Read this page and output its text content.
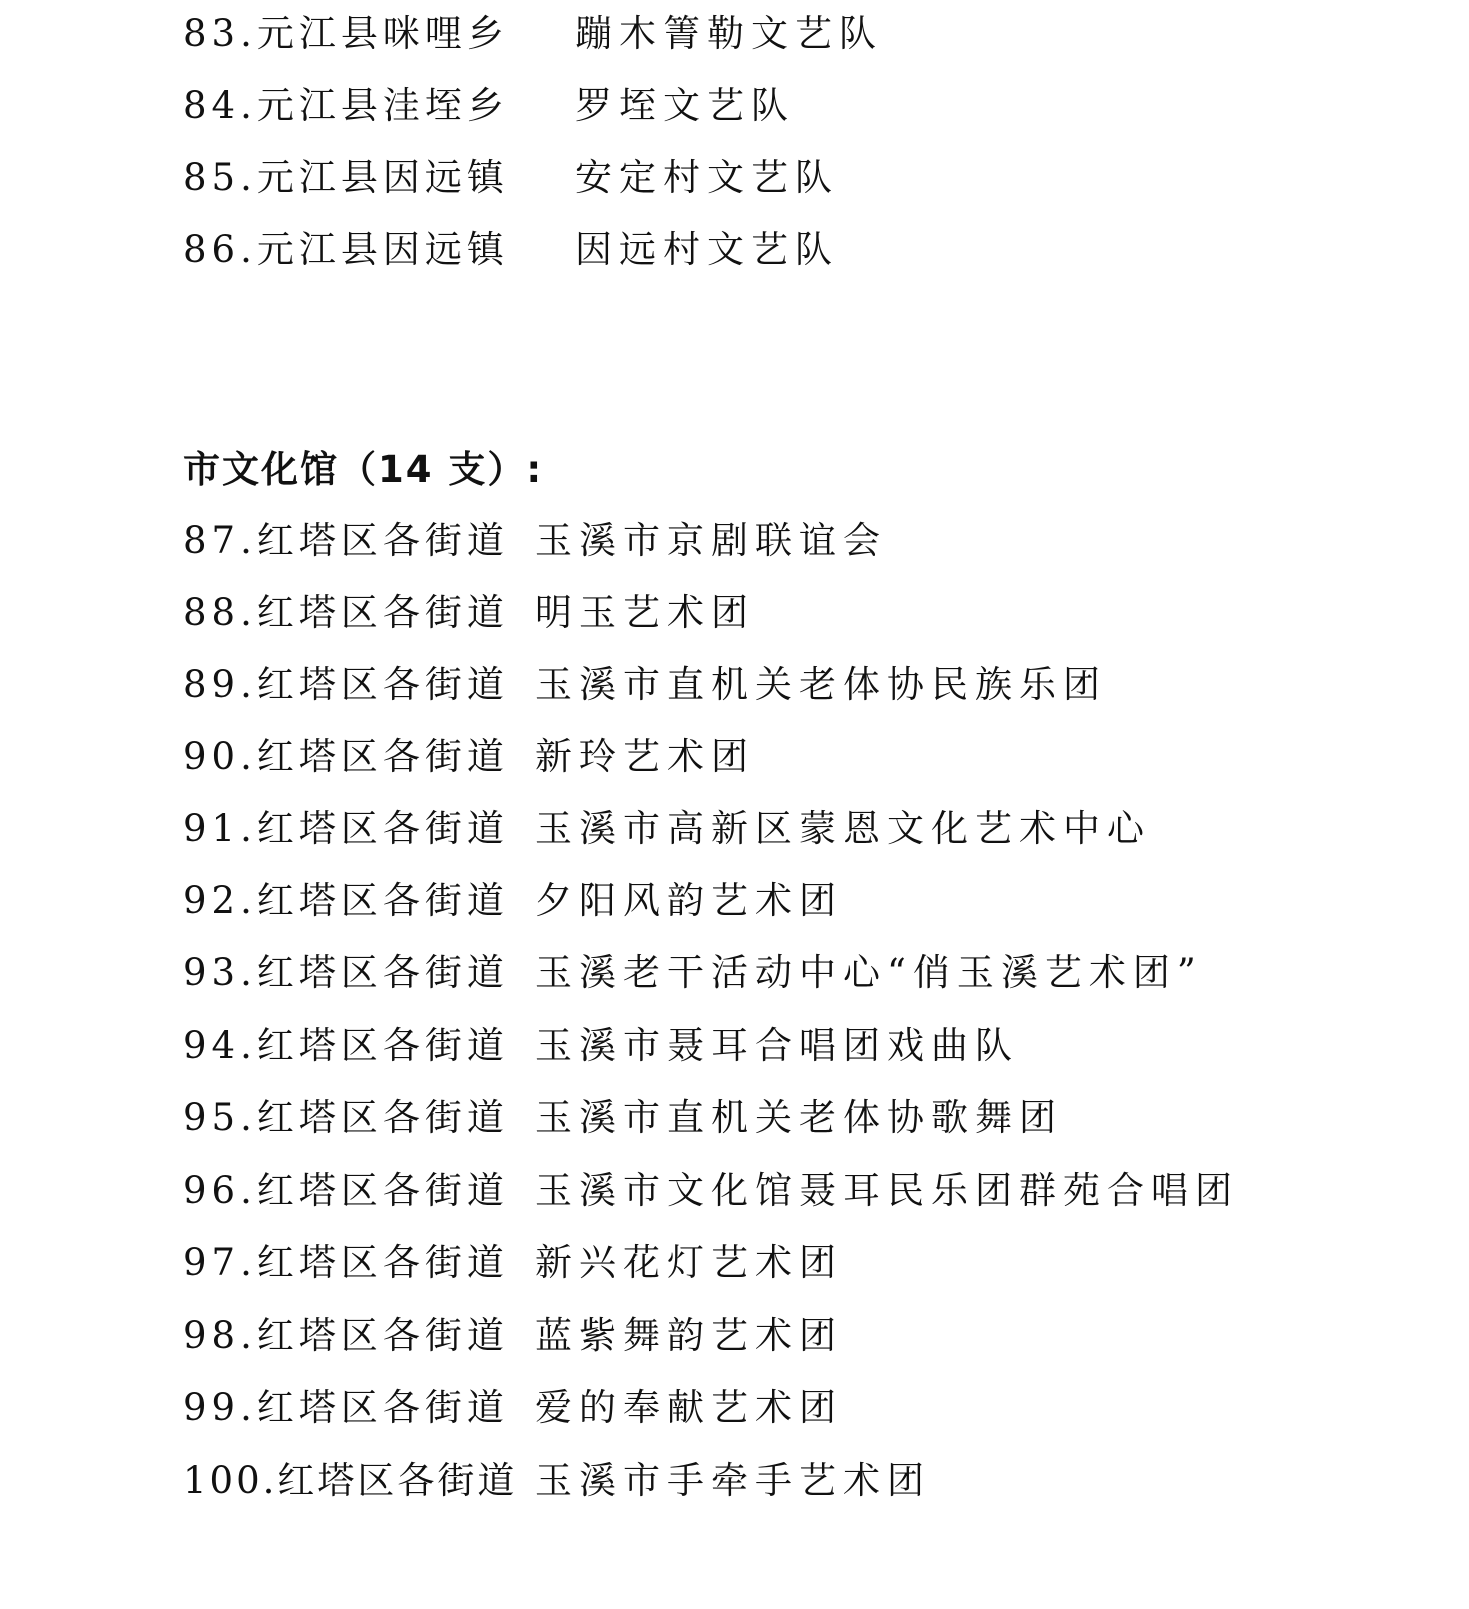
83.元江县咪哩乡 蹦木箐勒文艺队
84.元江县洼垤乡 罗垤文艺队
85.元江县因远镇 安定村文艺队
86.元江县因远镇 因远村文艺队
市文化馆（14 支）:
87.红塔区各街道 玉溪市京剧联谊会
88.红塔区各街道 明玉艺术团
89.红塔区各街道 玉溪市直机关老体协民族乐团
90.红塔区各街道 新玲艺术团
91.红塔区各街道 玉溪市高新区蒙恩文化艺术中心
92.红塔区各街道 夕阳风韵艺术团
93.红塔区各街道 玉溪老干活动中心“俏玉溪艺术团”
94.红塔区各街道 玉溪市聂耳合唱团戏曲队
95.红塔区各街道 玉溪市直机关老体协歌舞团
96.红塔区各街道 玉溪市文化馆聂耳民乐团群苑合唱团
97.红塔区各街道 新兴花灯艺术团
98.红塔区各街道 蓝紫舞韵艺术团
99.红塔区各街道 爱的奉献艺术团
100.红塔区各街道 玉溪市手牵手艺术团
